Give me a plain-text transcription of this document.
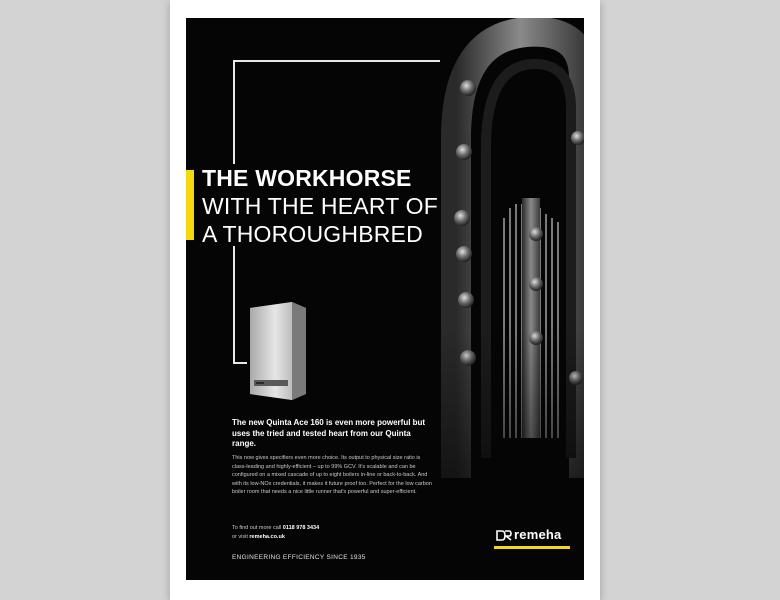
THE WORKHORSE
WITH THE HEART OF
A THOROUGHBRED
The new Quinta Ace 160 is even more powerful but uses the tried and tested heart from our Quinta range.
This now gives specifiers even more choice. Its output to physical size ratio is class-leading and highly-efficient – up to 99% GCV. It's scalable and can be configured on a mixed cascade of up to eight boilers in-line or back-to-back. And with its low-NOx credentials, it makes it future proof too. Perfect for the low carbon boiler room that needs a nice little runner that's powerful and super-efficient.
To find out more call 0118 978 3434
or visit remeha.co.uk
ENGINEERING EFFICIENCY SINCE 1935
remeha
